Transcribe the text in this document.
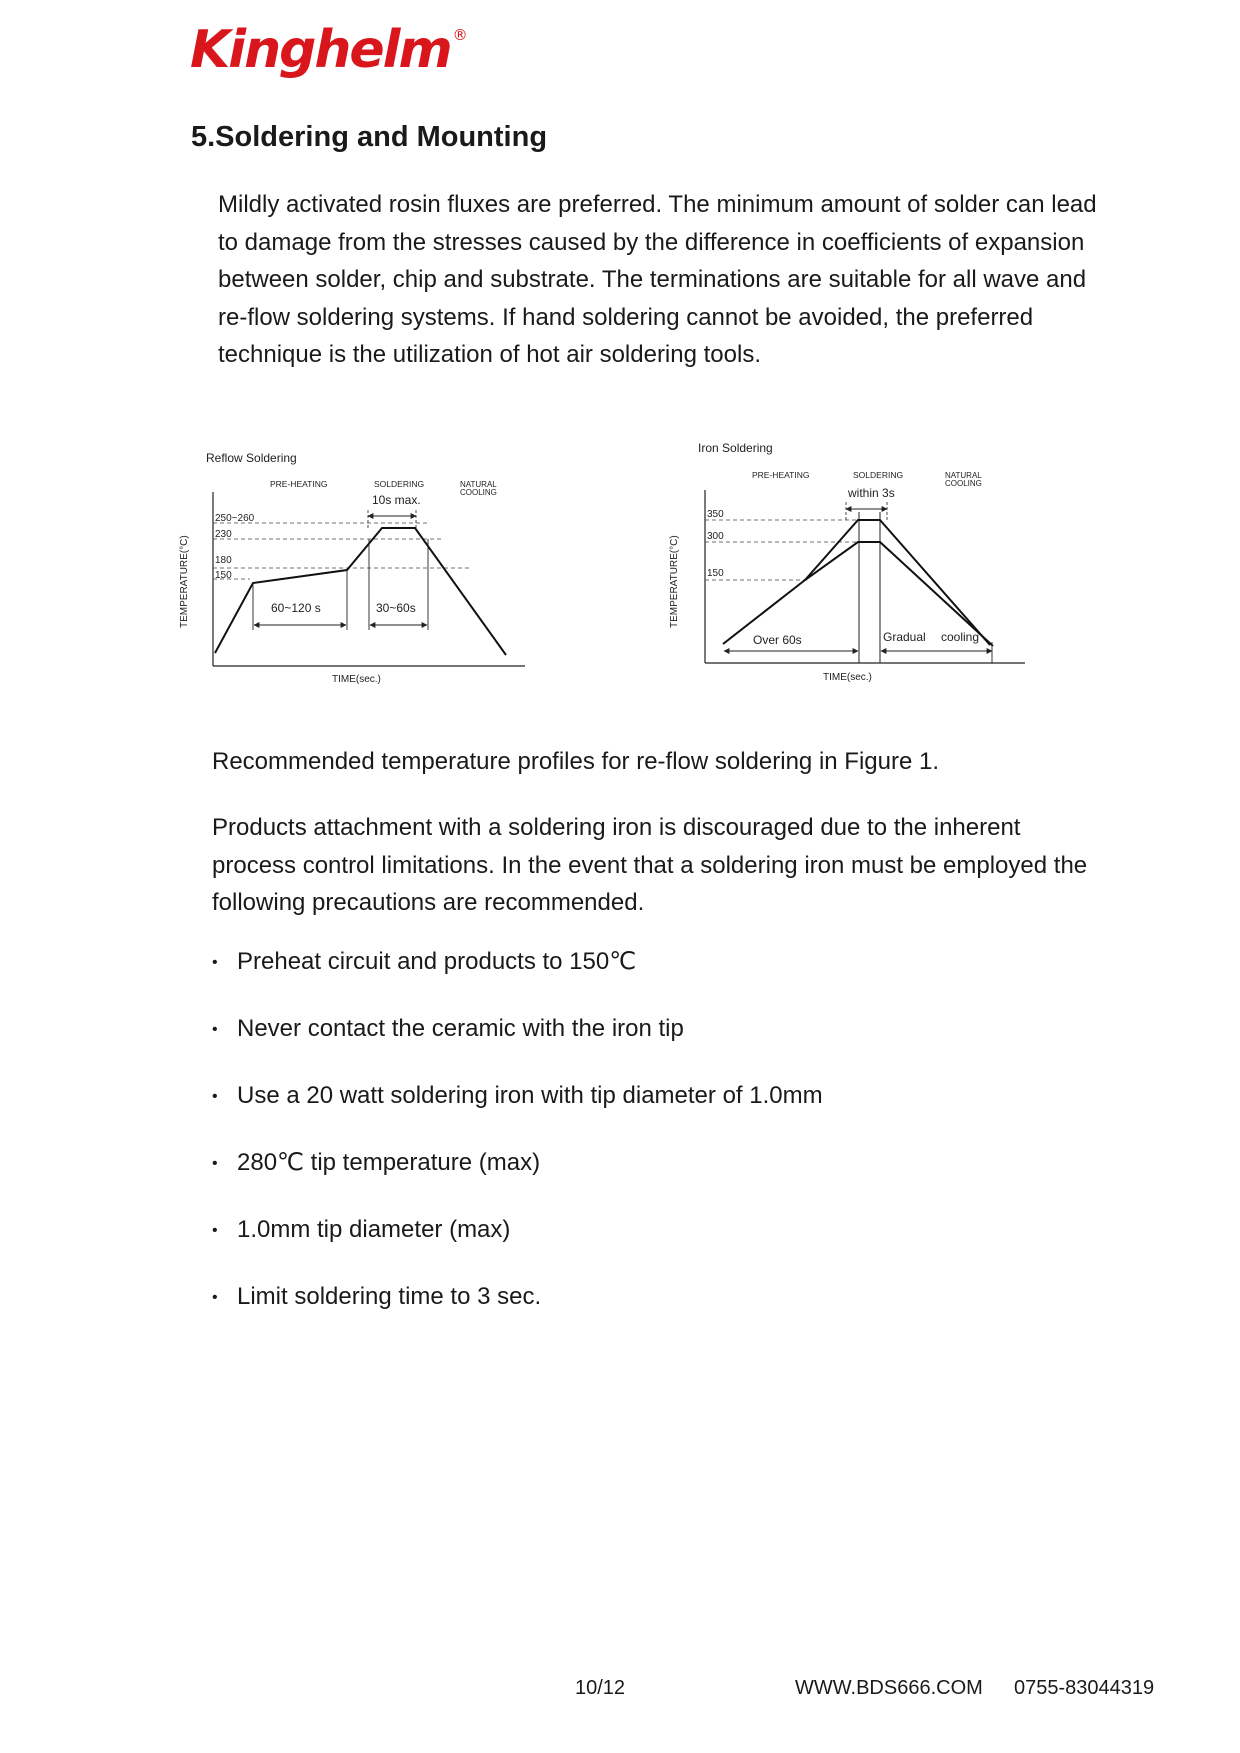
Kinghelm ®
5.Soldering and Mounting

Mildly activated rosin fluxes are preferred. The minimum amount of solder can lead to damage from the stresses caused by the difference in coefficients of expansion between solder, chip and substrate. The terminations are suitable for all wave and re-flow soldering systems. If hand soldering cannot be avoided, the preferred technique is the utilization of hot air soldering tools.

Reflow Soldering
PRE-HEATING	SOLDERING	NATURAL
COOLING
10s max.
250~260
230
180
150
60~120 s	30~60s
TEMPERATURE(°C)
TIME(sec.)
Iron Soldering
PRE-HEATING	SOLDERING	NATURAL
COOLING
within 3s
350
300
150
Over 60s	Gradual cooling
TEMPERATURE(°C)
TIME(sec.)

Recommended temperature profiles for re-flow soldering in Figure 1.

Products attachment with a soldering iron is discouraged due to the inherent process control limitations. In the event that a soldering iron must be employed the following precautions are recommended.

• Preheat circuit and products to 150℃
• Never contact the ceramic with the iron tip
• Use a 20 watt soldering iron with tip diameter of 1.0mm
• 280℃ tip temperature (max)
• 1.0mm tip diameter (max)
• Limit soldering time to 3 sec.
10/12	WWW.BDS666.COM 0755-83044319
